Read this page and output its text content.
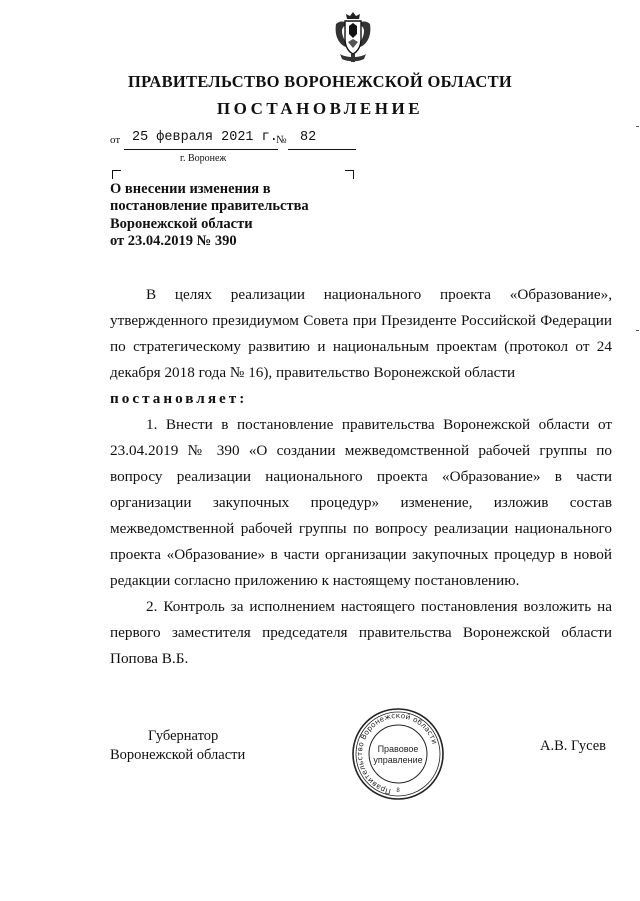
ПРАВИТЕЛЬСТВО ВОРОНЕЖСКОЙ ОБЛАСТИ
ПОСТАНОВЛЕНИЕ
от 25 февраля 2021 г.
№ 82
г. Воронеж
О внесении изменения в
постановление правительства
Воронежской области
от 23.04.2019 № 390

В целях реализации национального проекта «Образование», утвержденного президиумом Совета при Президенте Российской Федерации по стратегическому развитию и национальным проектам (протокол от 24 декабря 2018 года № 16), правительство Воронежской области

постановляет:

1. Внести в постановление правительства Воронежской области от 23.04.2019 № 390 «О создании межведомственной рабочей группы по вопросу реализации национального проекта «Образование» в части организации закупочных процедур» изменение, изложив состав межведомственной рабочей группы по вопросу реализации национального проекта «Образование» в части организации закупочных процедур в новой редакции согласно приложению к настоящему постановлению.

2. Контроль за исполнением настоящего постановления возложить на первого заместителя председателя правительства Воронежской области Попова В.Б.

Губернатор
Воронежской области
А.В. Гусев
Правительство Воронежской области
Правовое
управление
8
